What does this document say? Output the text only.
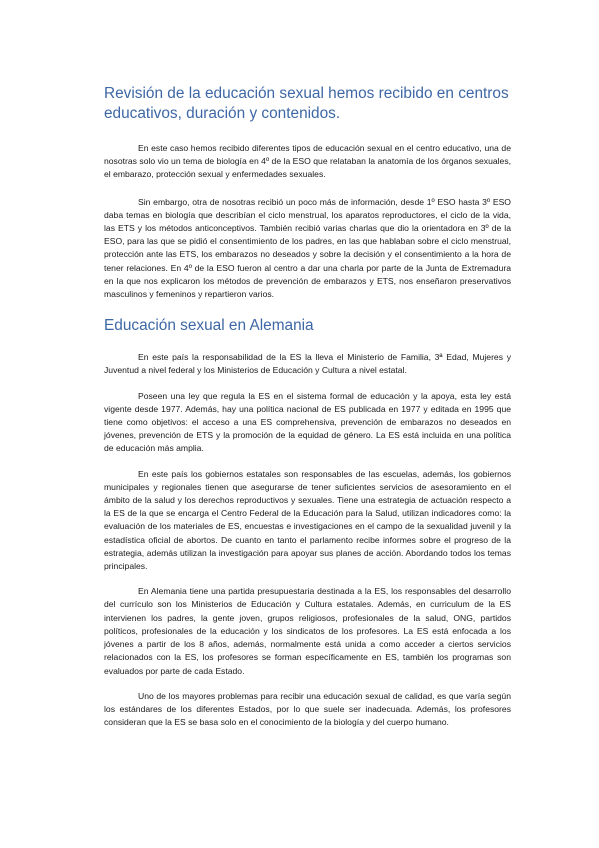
Revisión de la educación sexual hemos recibido en centros educativos, duración y contenidos.

En este caso hemos recibido diferentes tipos de educación sexual en el centro educativo, una de nosotras solo vio un tema de biología en 4º de la ESO que relataban la anatomía de los órganos sexuales, el embarazo, protección sexual y enfermedades sexuales.

Sin embargo, otra de nosotras recibió un poco más de información, desde 1º ESO hasta 3º ESO daba temas en biología que describían el ciclo menstrual, los aparatos reproductores, el ciclo de la vida, las ETS y los métodos anticonceptivos. También recibió varias charlas que dio la orientadora en 3º de la ESO, para las que se pidió el consentimiento de los padres, en las que hablaban sobre el ciclo menstrual, protección ante las ETS, los embarazos no deseados y sobre la decisión y el consentimiento a la hora de tener relaciones. En 4º de la ESO fueron al centro a dar una charla por parte de la Junta de Extremadura en la que nos explicaron los métodos de prevención de embarazos y ETS, nos enseñaron preservativos masculinos y femeninos y repartieron varios.

Educación sexual en Alemania

En este país la responsabilidad de la ES la lleva el Ministerio de Familia, 3ª Edad, Mujeres y Juventud a nivel federal y los Ministerios de Educación y Cultura a nivel estatal.

Poseen una ley que regula la ES en el sistema formal de educación y la apoya, esta ley está vigente desde 1977. Además, hay una política nacional de ES publicada en 1977 y editada en 1995 que tiene como objetivos: el acceso a una ES comprehensiva, prevención de embarazos no deseados en jóvenes, prevención de ETS y la promoción de la equidad de género. La ES está incluida en una política de educación más amplia.

En este país los gobiernos estatales son responsables de las escuelas, además, los gobiernos municipales y regionales tienen que asegurarse de tener suficientes servicios de asesoramiento en el ámbito de la salud y los derechos reproductivos y sexuales. Tiene una estrategia de actuación respecto a la ES de la que se encarga el Centro Federal de la Educación para la Salud, utilizan indicadores como: la evaluación de los materiales de ES, encuestas e investigaciones en el campo de la sexualidad juvenil y la estadística oficial de abortos. De cuanto en tanto el parlamento recibe informes sobre el progreso de la estrategia, además utilizan la investigación para apoyar sus planes de acción. Abordando todos los temas principales.

En Alemania tiene una partida presupuestaria destinada a la ES, los responsables del desarrollo del currículo son los Ministerios de Educación y Cultura estatales. Además, en curriculum de la ES intervienen los padres, la gente joven, grupos religiosos, profesionales de la salud, ONG, partidos políticos, profesionales de la educación y los sindicatos de los profesores. La ES está enfocada a los jóvenes a partir de los 8 años, además, normalmente está unida a como acceder a ciertos servicios relacionados con la ES, los profesores se forman específicamente en ES, también los programas son evaluados por parte de cada Estado.

Uno de los mayores problemas para recibir una educación sexual de calidad, es que varía según los estándares de los diferentes Estados, por lo que suele ser inadecuada. Además, los profesores consideran que la ES se basa solo en el conocimiento de la biología y del cuerpo humano.
